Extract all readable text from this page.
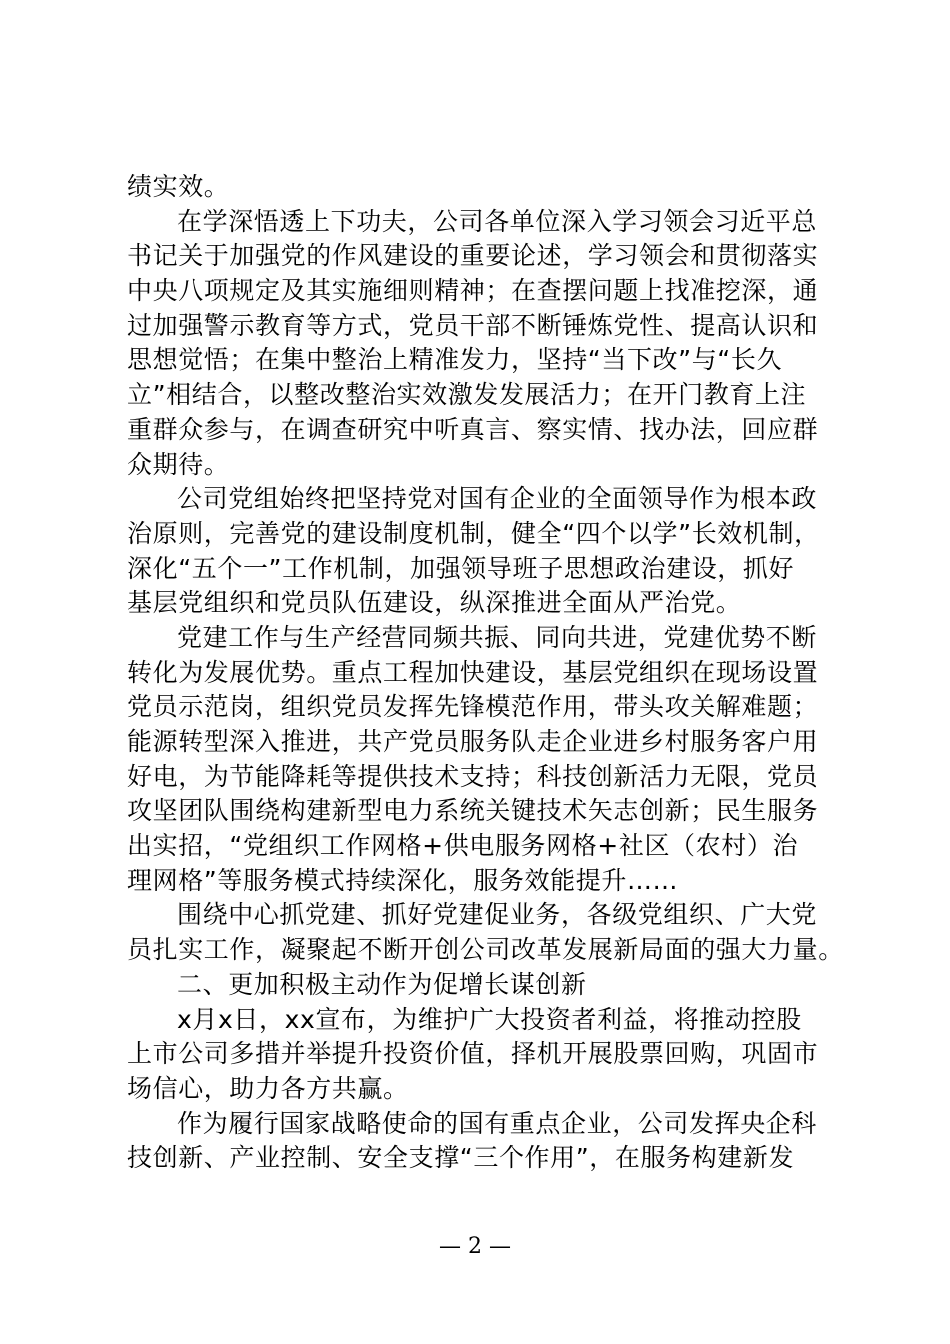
绩实效。
在学深悟透上下功夫，公司各单位深入学习领会习近平总
书记关于加强党的作风建设的重要论述，学习领会和贯彻落实
中央八项规定及其实施细则精神；在查摆问题上找准挖深，通
过加强警示教育等方式，党员干部不断锤炼党性、提高认识和
思想觉悟；在集中整治上精准发力，坚持“当下改”与“长久
立”相结合，以整改整治实效激发发展活力；在开门教育上注
重群众参与，在调查研究中听真言、察实情、找办法，回应群
众期待。
公司党组始终把坚持党对国有企业的全面领导作为根本政
治原则，完善党的建设制度机制，健全“四个以学”长效机制，
深化“五个一”工作机制，加强领导班子思想政治建设，抓好
基层党组织和党员队伍建设，纵深推进全面从严治党。
党建工作与生产经营同频共振、同向共进，党建优势不断
转化为发展优势。重点工程加快建设，基层党组织在现场设置
党员示范岗，组织党员发挥先锋模范作用，带头攻关解难题；
能源转型深入推进，共产党员服务队走企业进乡村服务客户用
好电，为节能降耗等提供技术支持；科技创新活力无限，党员
攻坚团队围绕构建新型电力系统关键技术矢志创新；民生服务
出实招，“党组织工作网格+供电服务网格+社区（农村）治
理网格”等服务模式持续深化，服务效能提升……
围绕中心抓党建、抓好党建促业务，各级党组织、广大党
员扎实工作，凝聚起不断开创公司改革发展新局面的强大力量。
二、更加积极主动作为促增长谋创新
x月x日，xx宣布，为维护广大投资者利益，将推动控股
上市公司多措并举提升投资价值，择机开展股票回购，巩固市
场信心，助力各方共赢。
作为履行国家战略使命的国有重点企业，公司发挥央企科
技创新、产业控制、安全支撑“三个作用”，在服务构建新发
— 2 —
